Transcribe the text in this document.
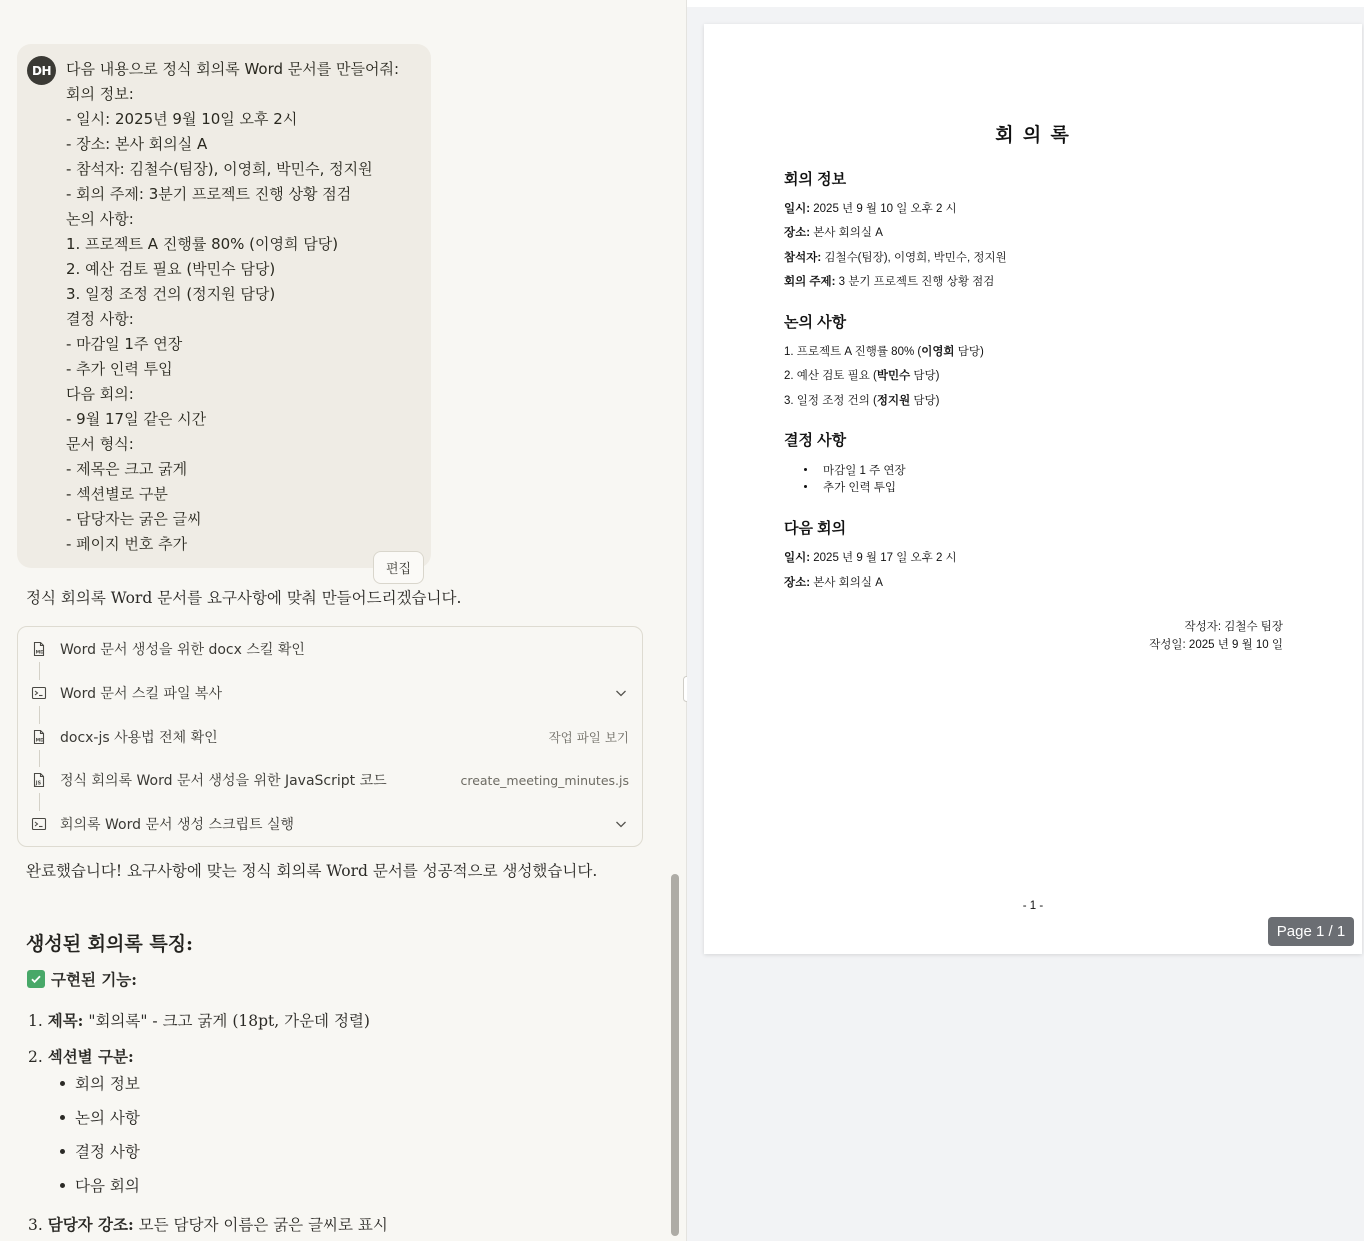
DH	다음 내용으로 정식 회의록 Word 문서를 만들어줘:
회의 정보:
- 일시: 2025년 9월 10일 오후 2시
- 장소: 본사 회의실 A
- 참석자: 김철수(팀장), 이영희, 박민수, 정지원
- 회의 주제: 3분기 프로젝트 진행 상황 점검
논의 사항:
1. 프로젝트 A 진행률 80% (이영희 담당)
2. 예산 검토 필요 (박민수 담당)
3. 일정 조정 건의 (정지원 담당)
결정 사항:
- 마감일 1주 연장
- 추가 인력 투입
다음 회의:
- 9월 17일 같은 시간
문서 형식:
- 제목은 크고 굵게
- 섹션별로 구분
- 담당자는 굵은 글씨
- 페이지 번호 추가
편집
정식 회의록 Word 문서를 요구사항에 맞춰 만들어드리겠습니다.
MD Word 문서 생성을 위한 docx 스킬 확인
Word 문서 스킬 파일 복사
MD docx-js 사용법 전체 확인	작업 파일 보기
JS 정식 회의록 Word 문서 생성을 위한 JavaScript 코드	create_meeting_minutes.js
회의록 Word 문서 생성 스크립트 실행
완료했습니다! 요구사항에 맞는 정식 회의록 Word 문서를 성공적으로 생성했습니다.
생성된 회의록 특징:
구현된 기능:
1. 제목: "회의록" - 크고 굵게 (18pt, 가운데 정렬)
2. 섹션별 구분:
회의 정보
논의 사항
결정 사항
다음 회의
3. 담당자 강조: 모든 담당자 이름은 굵은 글씨로 표시
회 의 록
회의 정보
일시: 2025 년 9 월 10 일 오후 2 시
장소: 본사 회의실 A
참석자: 김철수(팀장), 이영희, 박민수, 정지원
회의 주제: 3 분기 프로젝트 진행 상황 점검
논의 사항
1. 프로젝트 A 진행률 80% (이영희 담당)
2. 예산 검토 필요 (박민수 담당)
3. 일정 조정 건의 (정지원 담당)
결정 사항
마감일 1 주 연장
추가 인력 투입
다음 회의
일시: 2025 년 9 월 17 일 오후 2 시
장소: 본사 회의실 A
작성자: 김철수 팀장
작성일: 2025 년 9 월 10 일
- 1 -
Page 1 / 1
